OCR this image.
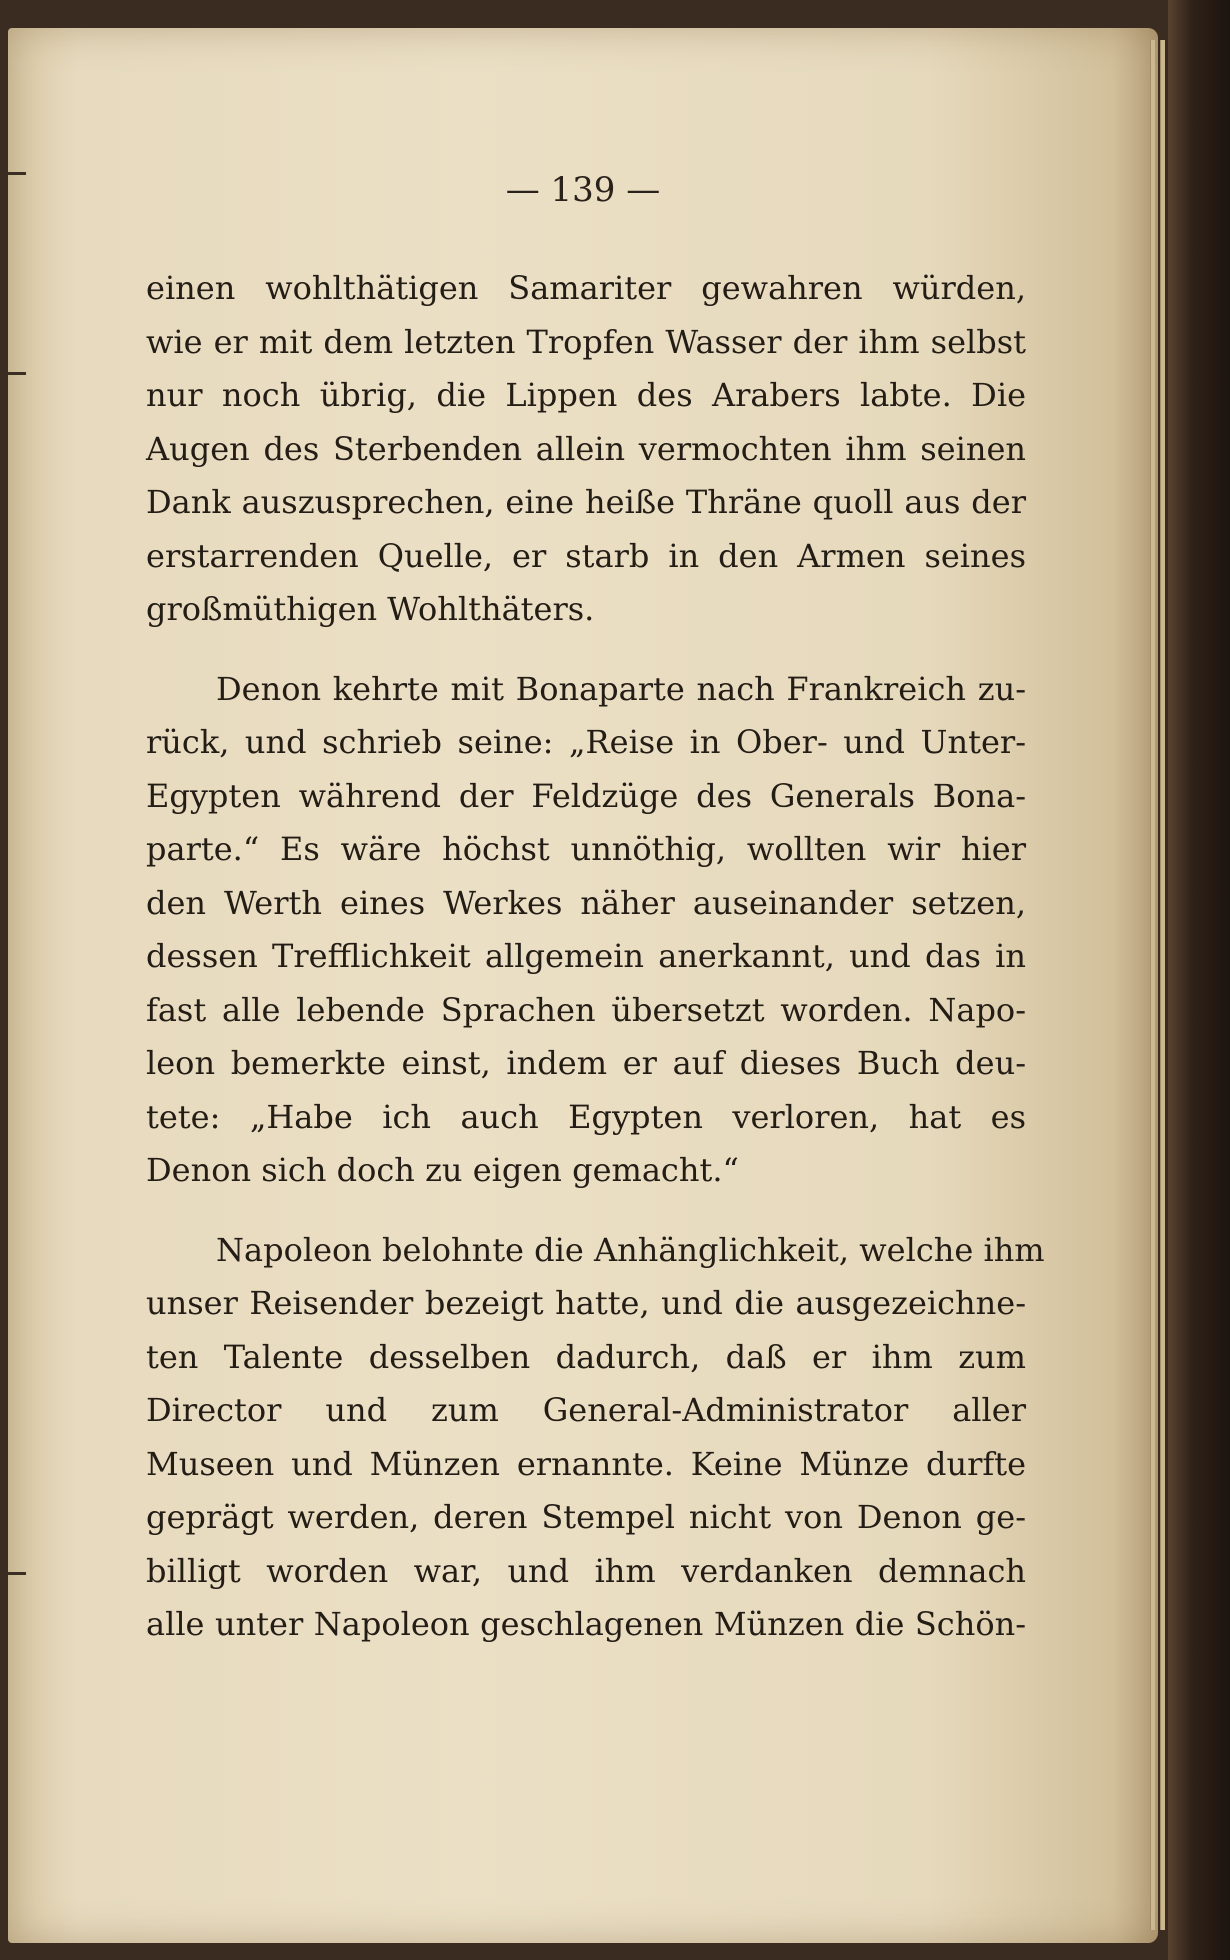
— 139 —

einen wohlthätigen Samariter gewahren würden,
wie er mit dem letzten Tropfen Wasser der ihm selbst
nur noch übrig, die Lippen des Arabers labte. Die
Augen des Sterbenden allein vermochten ihm seinen
Dank auszusprechen, eine heiße Thräne quoll aus der
erstarrenden Quelle, er starb in den Armen seines
großmüthigen Wohlthäters.

Denon kehrte mit Bonaparte nach Frankreich zu-
rück, und schrieb seine: „Reise in Ober- und Unter-
Egypten während der Feldzüge des Generals Bona-
parte.“ Es wäre höchst unnöthig, wollten wir hier
den Werth eines Werkes näher auseinander setzen,
dessen Trefflichkeit allgemein anerkannt, und das in
fast alle lebende Sprachen übersetzt worden. Napo-
leon bemerkte einst, indem er auf dieses Buch deu-
tete: „Habe ich auch Egypten verloren, hat es
Denon sich doch zu eigen gemacht.“

Napoleon belohnte die Anhänglichkeit, welche ihm
unser Reisender bezeigt hatte, und die ausgezeichne-
ten Talente desselben dadurch, daß er ihm zum
Director und zum General-Administrator aller
Museen und Münzen ernannte. Keine Münze durfte
geprägt werden, deren Stempel nicht von Denon ge-
billigt worden war, und ihm verdanken demnach
alle unter Napoleon geschlagenen Münzen die Schön-
